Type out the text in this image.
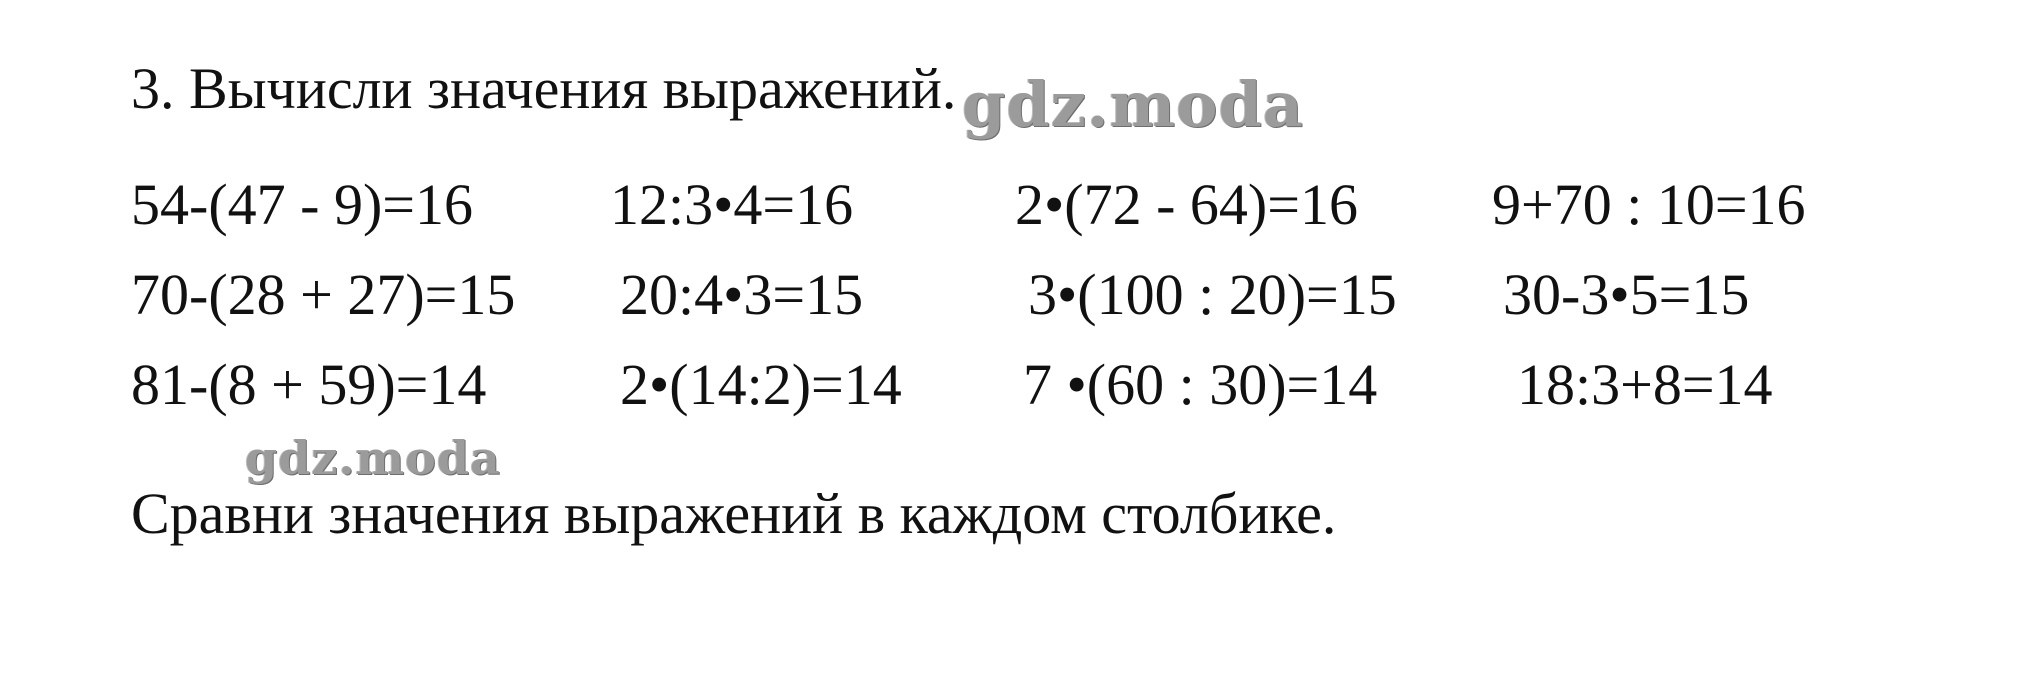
3. Вычисли значения выражений.
54-(47 - 9)=16 12:3•4=16	2•(72 - 64)=16 9+70 : 10=16
70-(28 + 27)=15 20:4•3=15	3•(100 : 20)=15 30-3•5=15
81-(8 + 59)=14 2•(14:2)=14 7 •(60 : 30)=14 18:3+8=14
Сравни значения выражений в каждом столбике.
gdz.moda
gdz.moda
